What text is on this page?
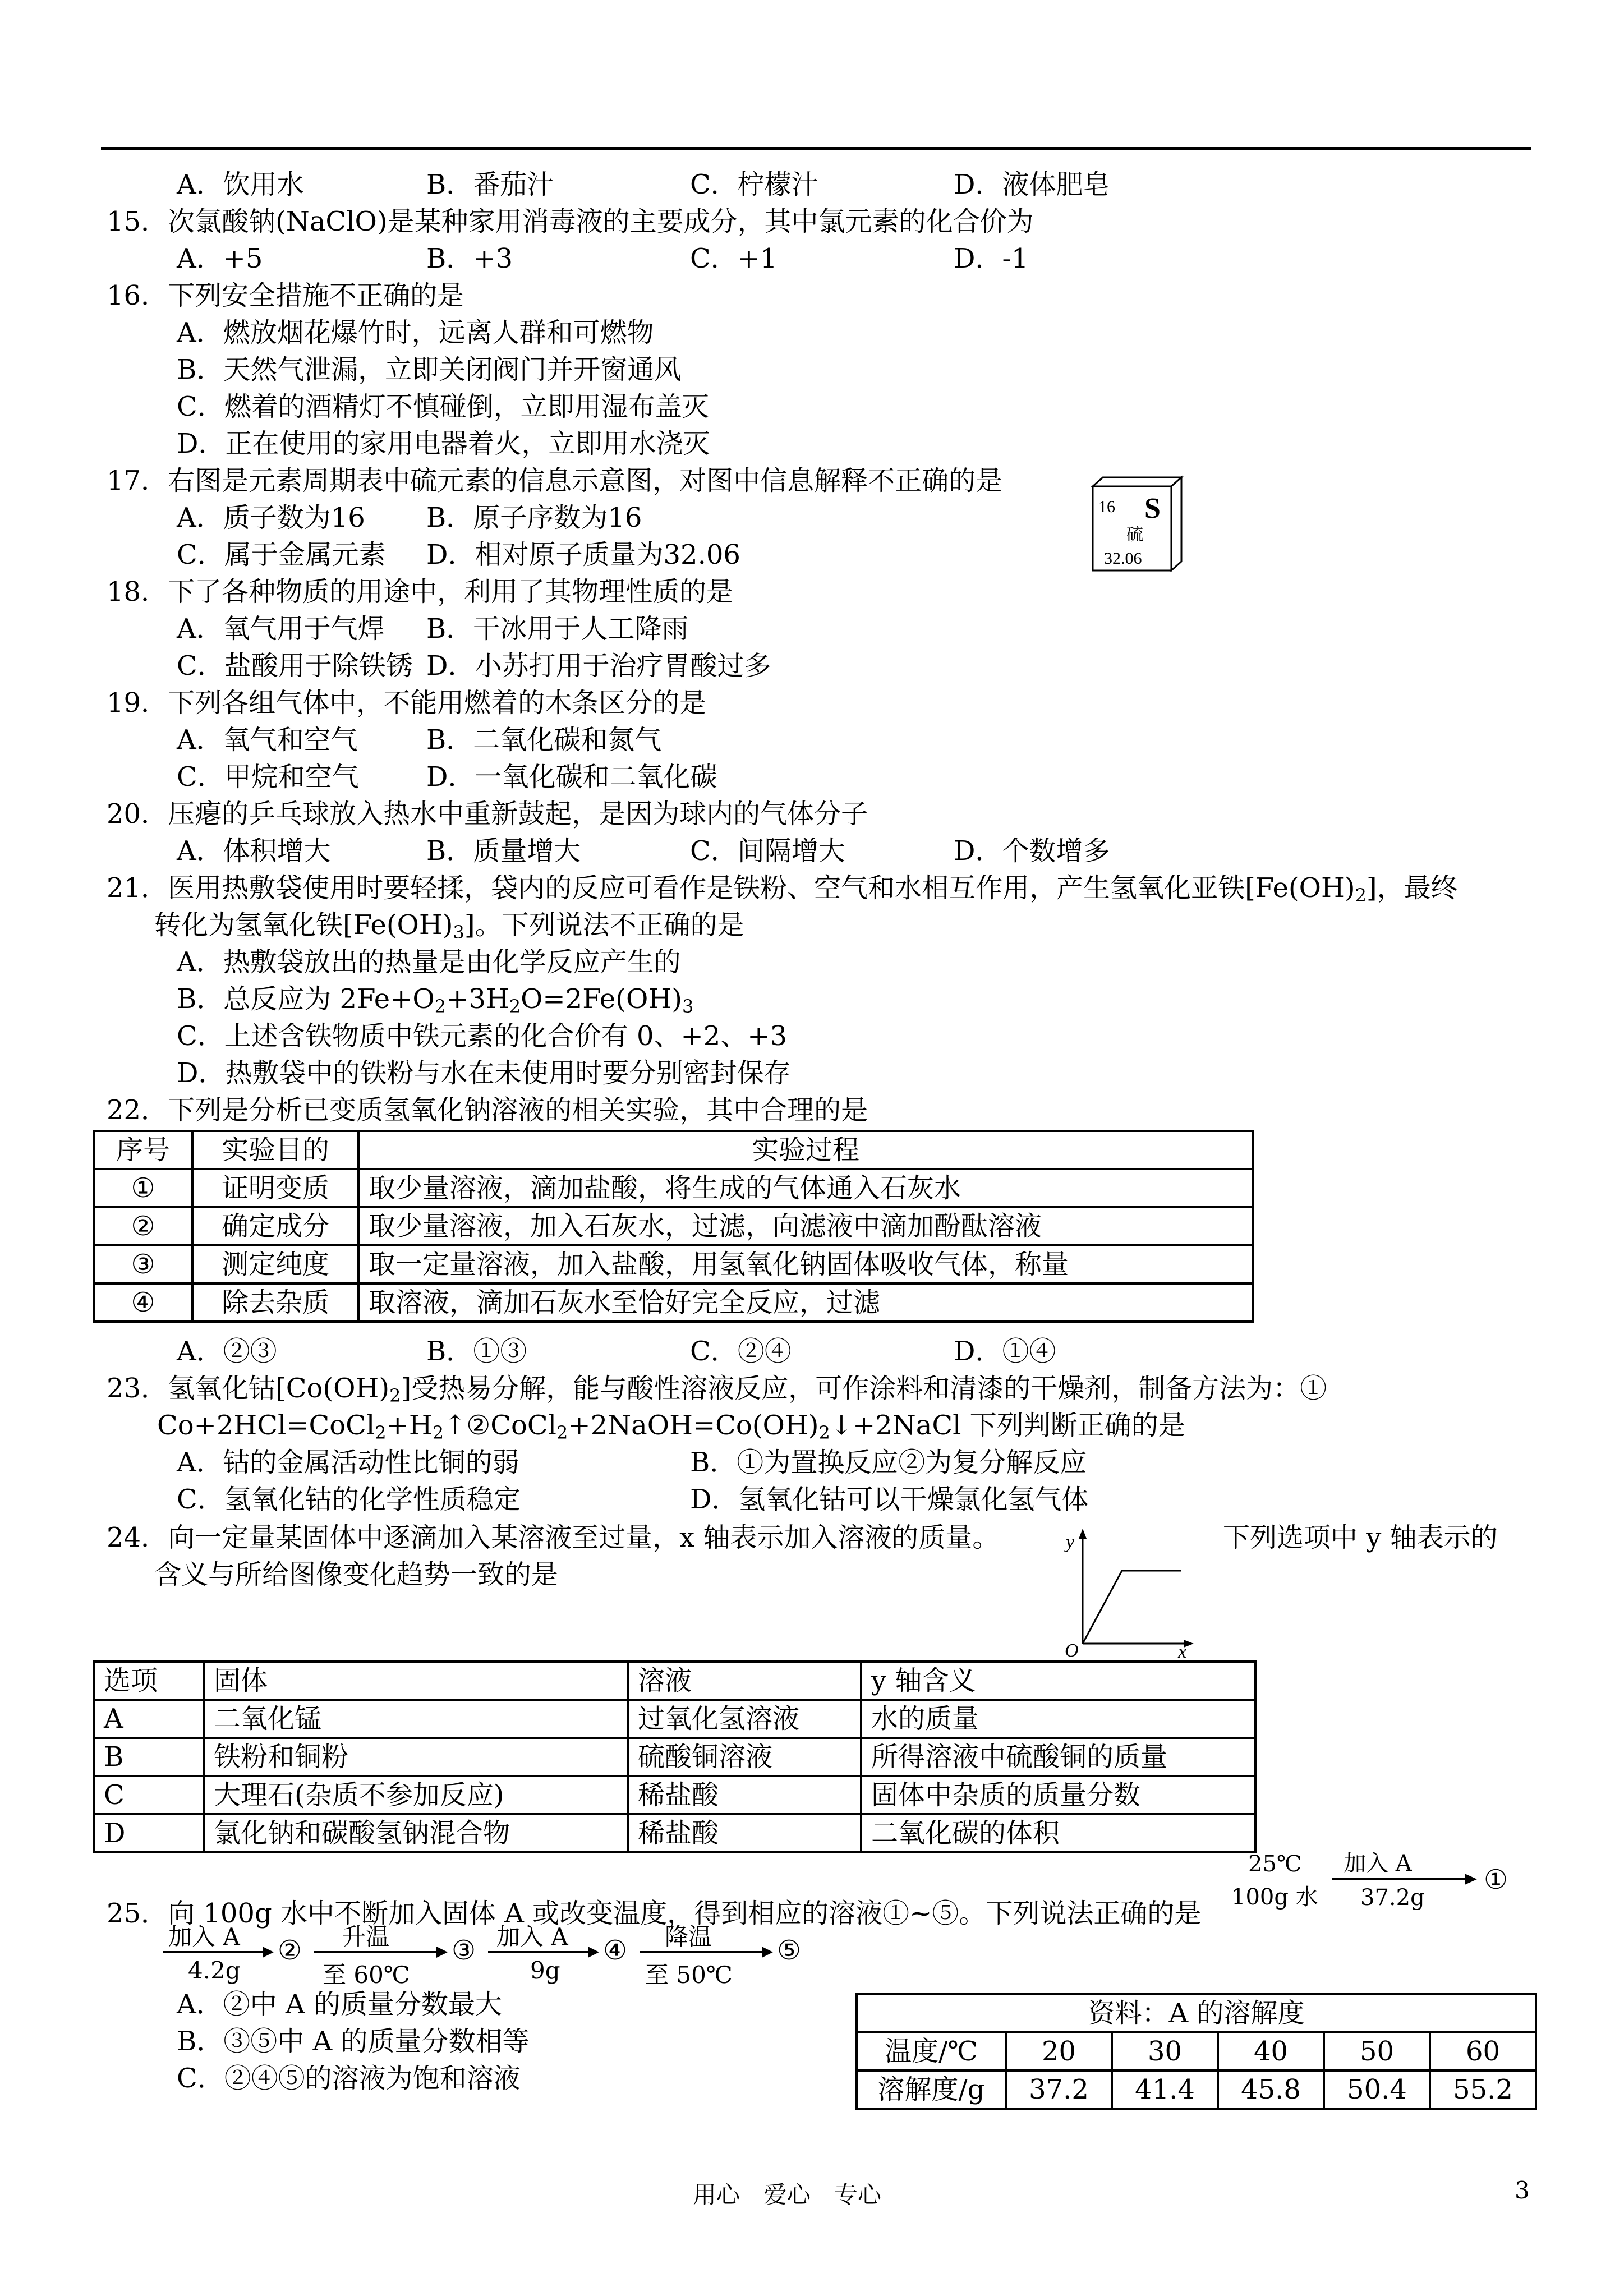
A．饮用水	B．番茄汁	C．柠檬汁	D．液体肥皂
15．次氯酸钠(NaClO)是某种家用消毒液的主要成分，其中氯元素的化合价为
A．+5	B．+3	C．+1	D．-1
16．下列安全措施不正确的是
A．燃放烟花爆竹时，远离人群和可燃物
B．天然气泄漏，立即关闭阀门并开窗通风
C．燃着的酒精灯不慎碰倒，立即用湿布盖灭
D．正在使用的家用电器着火，立即用水浇灭
17．右图是元素周期表中硫元素的信息示意图，对图中信息解释不正确的是
A．质子数为16 B．原子序数为16
C．属于金属元素 D．相对原子质量为32.06
16 S
硫
32.06
18．下了各种物质的用途中，利用了其物理性质的是
A．氧气用于气焊 B．干冰用于人工降雨
C．盐酸用于除铁锈 D．小苏打用于治疗胃酸过多
19．下列各组气体中，不能用燃着的木条区分的是
A．氧气和空气	B．二氧化碳和氮气
C．甲烷和空气	D．一氧化碳和二氧化碳
20．压瘪的乒乓球放入热水中重新鼓起，是因为球内的气体分子
A．体积增大	B．质量增大	C．间隔增大	D．个数增多
21．医用热敷袋使用时要轻揉，袋内的反应可看作是铁粉、空气和水相互作用，产生氢氧化亚铁$[Fe(OH)_2]$，最终
转化为氢氧化铁$[Fe(OH)_3]$。下列说法不正确的是
A．热敷袋放出的热量是由化学反应产生的
B．总反应为 $2Fe+O_2+3H_2O=2Fe(OH)_3$
C．上述含铁物质中铁元素的化合价有 0、+2、+3
D．热敷袋中的铁粉与水在未使用时要分别密封保存
22．下列是分析已变质氢氧化钠溶液的相关实验，其中合理的是
序号	实验目的	实验过程
①	证明变质	取少量溶液，滴加盐酸，将生成的气体通入石灰水
②	确定成分	取少量溶液，加入石灰水，过滤，向滤液中滴加酚酞溶液
③	测定纯度	取一定量溶液，加入盐酸，用氢氧化钠固体吸收气体，称量
④	除去杂质	取溶液，滴加石灰水至恰好完全反应，过滤
A．②③	B．①③	C．②④	D．①④
23．氢氧化钴$[Co(OH)_2]$受热易分解，能与酸性溶液反应，可作涂料和清漆的干燥剂，制备方法为：①
$Co+2HCl=CoCl_2+H_2↑②CoCl_2+2NaOH=Co(OH)_2↓+2NaCl$ 下列判断正确的是
A．钴的金属活动性比铜的弱	B．①为置换反应②为复分解反应
C．氢氧化钴的化学性质稳定	D．氢氧化钴可以干燥氯化氢气体
24．向一定量某固体中逐滴加入某溶液至过量，x 轴表示加入溶液的质量。	下列选项中 y 轴表示的
含义与所给图像变化趋势一致的是
y
x
O
选项	固体	溶液	y 轴含义
A	二氧化锰	过氧化氢溶液	水的质量
B	铁粉和铜粉	硫酸铜溶液	所得溶液中硫酸铜的质量
C	大理石(杂质不参加反应)	稀盐酸	固体中杂质的质量分数
D	氯化钠和碳酸氢钠混合物	稀盐酸	二氧化碳的体积
25．向 100g 水中不断加入固体 A 或改变温度，得到相应的溶液①~⑤。下列说法正确的是
25℃
100g 水
加入 A
37.2g
①
加入 A
4.2g
② 升温
至 60℃
③ 加入 A
9g
④ 降温
至 50℃
⑤
A．②中 A 的质量分数最大
B．③⑤中 A 的质量分数相等
C．②④⑤的溶液为饱和溶液
资料：A 的溶解度					
温度/℃	20	30	40	50	60
溶解度/g	37.2	41.4	45.8	50.4	55.2
用心　爱心　专心	3
